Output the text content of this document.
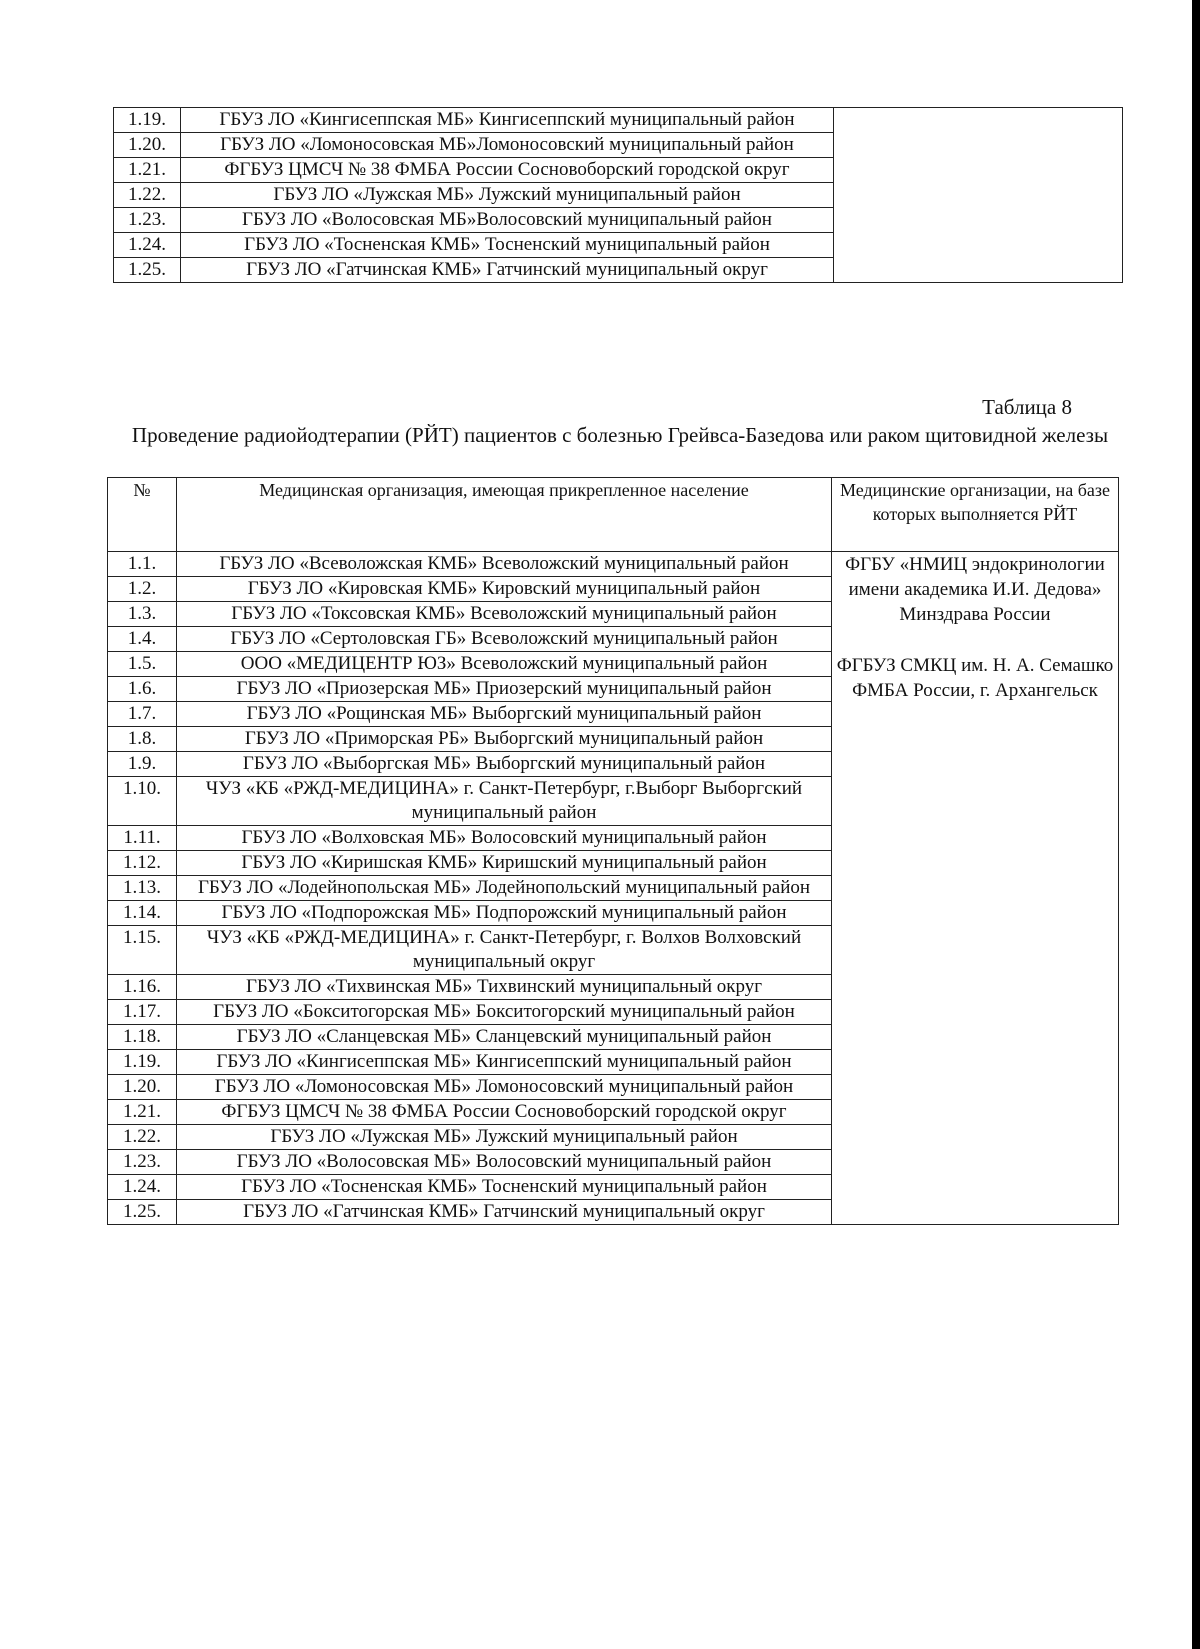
1.19.	ГБУЗ ЛО «Кингисеппская МБ» Кингисеппский муниципальный район	
1.20.	ГБУЗ ЛО «Ломоносовская МБ»Ломоносовский муниципальный район	
1.21.	ФГБУЗ ЦМСЧ № 38 ФМБА России Сосновоборский городской округ	
1.22.	ГБУЗ ЛО «Лужская МБ» Лужский муниципальный район	
1.23.	ГБУЗ ЛО «Волосовская МБ»Волосовский муниципальный район	
1.24.	ГБУЗ ЛО «Тосненская КМБ» Тосненский муниципальный район	
1.25.	ГБУЗ ЛО «Гатчинская КМБ» Гатчинский муниципальный округ	
Таблица 8
Проведение радиойодтерапии (РЙТ) пациентов с болезнью Грейвса-Базедова или раком щитовидной железы
№	Медицинская организация, имеющая прикрепленное население	Медицинские организации, на базе которых выполняется РЙТ
1.1.	ГБУЗ ЛО «Всеволожская КМБ» Всеволожский муниципальный район	ФГБУ «НМИЦ эндокринологии имени академика И.И. Дедова» Минздрава России
ФГБУЗ СМКЦ им. Н. А. Семашко ФМБА России, г. Архангельск

1.2.	ГБУЗ ЛО «Кировская КМБ» Кировский муниципальный район	
1.3.	ГБУЗ ЛО «Токсовская КМБ» Всеволожский муниципальный район	
1.4.	ГБУЗ ЛО «Сертоловская ГБ» Всеволожский муниципальный район	
1.5.	ООО «МЕДИЦЕНТР ЮЗ» Всеволожский муниципальный район	
1.6.	ГБУЗ ЛО «Приозерская МБ» Приозерский муниципальный район	
1.7.	ГБУЗ ЛО «Рощинская МБ» Выборгский муниципальный район	
1.8.	ГБУЗ ЛО «Приморская РБ» Выборгский муниципальный район	
1.9.	ГБУЗ ЛО «Выборгская МБ» Выборгский муниципальный район	
1.10.	ЧУЗ «КБ «РЖД-МЕДИЦИНА» г. Санкт-Петербург, г.Выборг Выборгский муниципальный район	
1.11.	ГБУЗ ЛО «Волховская МБ» Волосовский муниципальный район	
1.12.	ГБУЗ ЛО «Киришская КМБ» Киришский муниципальный район	
1.13.	ГБУЗ ЛО «Лодейнопольская МБ» Лодейнопольский муниципальный район	
1.14.	ГБУЗ ЛО «Подпорожская МБ» Подпорожский муниципальный район	
1.15.	ЧУЗ «КБ «РЖД-МЕДИЦИНА» г. Санкт-Петербург, г. Волхов Волховский муниципальный округ	
1.16.	ГБУЗ ЛО «Тихвинская МБ» Тихвинский муниципальный округ	
1.17.	ГБУЗ ЛО «Бокситогорская МБ» Бокситогорский муниципальный район	
1.18.	ГБУЗ ЛО «Сланцевская МБ» Сланцевский муниципальный район	
1.19.	ГБУЗ ЛО «Кингисеппская МБ» Кингисеппский муниципальный район	
1.20.	ГБУЗ ЛО «Ломоносовская МБ» Ломоносовский муниципальный район	
1.21.	ФГБУЗ ЦМСЧ № 38 ФМБА России Сосновоборский городской округ	
1.22.	ГБУЗ ЛО «Лужская МБ» Лужский муниципальный район	
1.23.	ГБУЗ ЛО «Волосовская МБ» Волосовский муниципальный район	
1.24.	ГБУЗ ЛО «Тосненская КМБ» Тосненский муниципальный район	
1.25.	ГБУЗ ЛО «Гатчинская КМБ» Гатчинский муниципальный округ	
